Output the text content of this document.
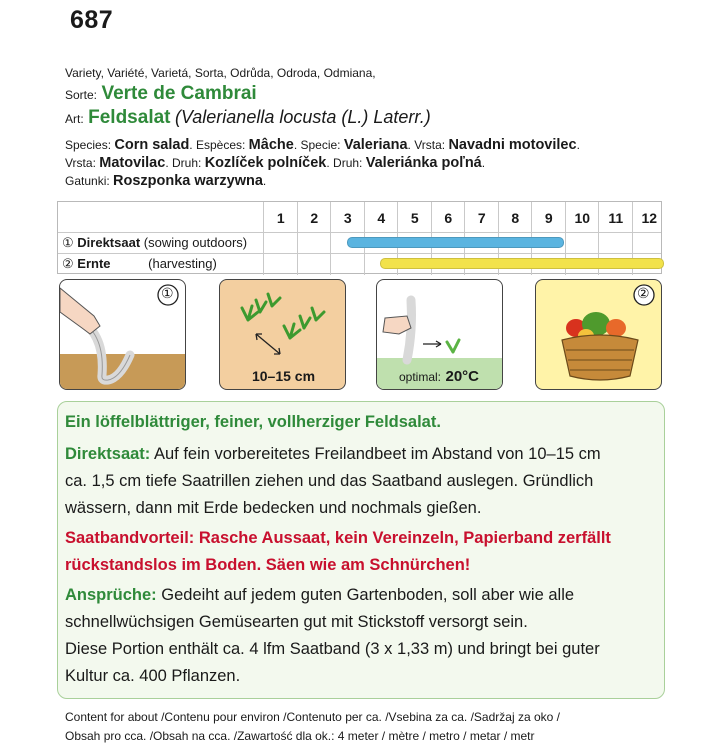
687
Variety, Variété, Varietá, Sorta, Odrůda, Odroda, Odmiana,
Sorte: Verte de Cambrai
Art: Feldsalat (Valerianella locusta (L.) Laterr.)
Species: Corn salad. Espèces: Mâche. Specie: Valeriana. Vrsta: Navadni motovilec.
Vrsta: Matovilac. Druh: Kozlíček polníček. Druh: Valeriánka poľná.
Gatunki: Roszponka warzywna.
1	2	3	4	5	6	7	8	9	10	11	12
① Direktsaat (sowing outdoors)
② Ernte	(harvesting)
①
10–15 cm	optimal: 20°C
②
Ein löffelblättriger, feiner, vollherziger Feldsalat.
Direktsaat: Auf fein vorbereitetes Freilandbeet im Abstand von 10–15 cm
ca. 1,5 cm tiefe Saatrillen ziehen und das Saatband auslegen. Gründlich
wässern, dann mit Erde bedecken und nochmals gießen.
Saatbandvorteil: Rasche Aussaat, kein Vereinzeln, Papierband zerfällt
rückstandslos im Boden. Säen wie am Schnürchen!
Ansprüche: Gedeiht auf jedem guten Gartenboden, soll aber wie alle
schnellwüchsigen Gemüsearten gut mit Stickstoff versorgt sein.
Diese Portion enthält ca. 4 lfm Saatband (3 x 1,33 m) und bringt bei guter
Kultur ca. 400 Pflanzen.
Content for about /Contenu pour environ /Contenuto per ca. /Vsebina za ca. /Sadržaj za oko /
Obsah pro cca. /Obsah na cca. /Zawartość dla ok.: 4 meter / mètre / metro / metar / metr
